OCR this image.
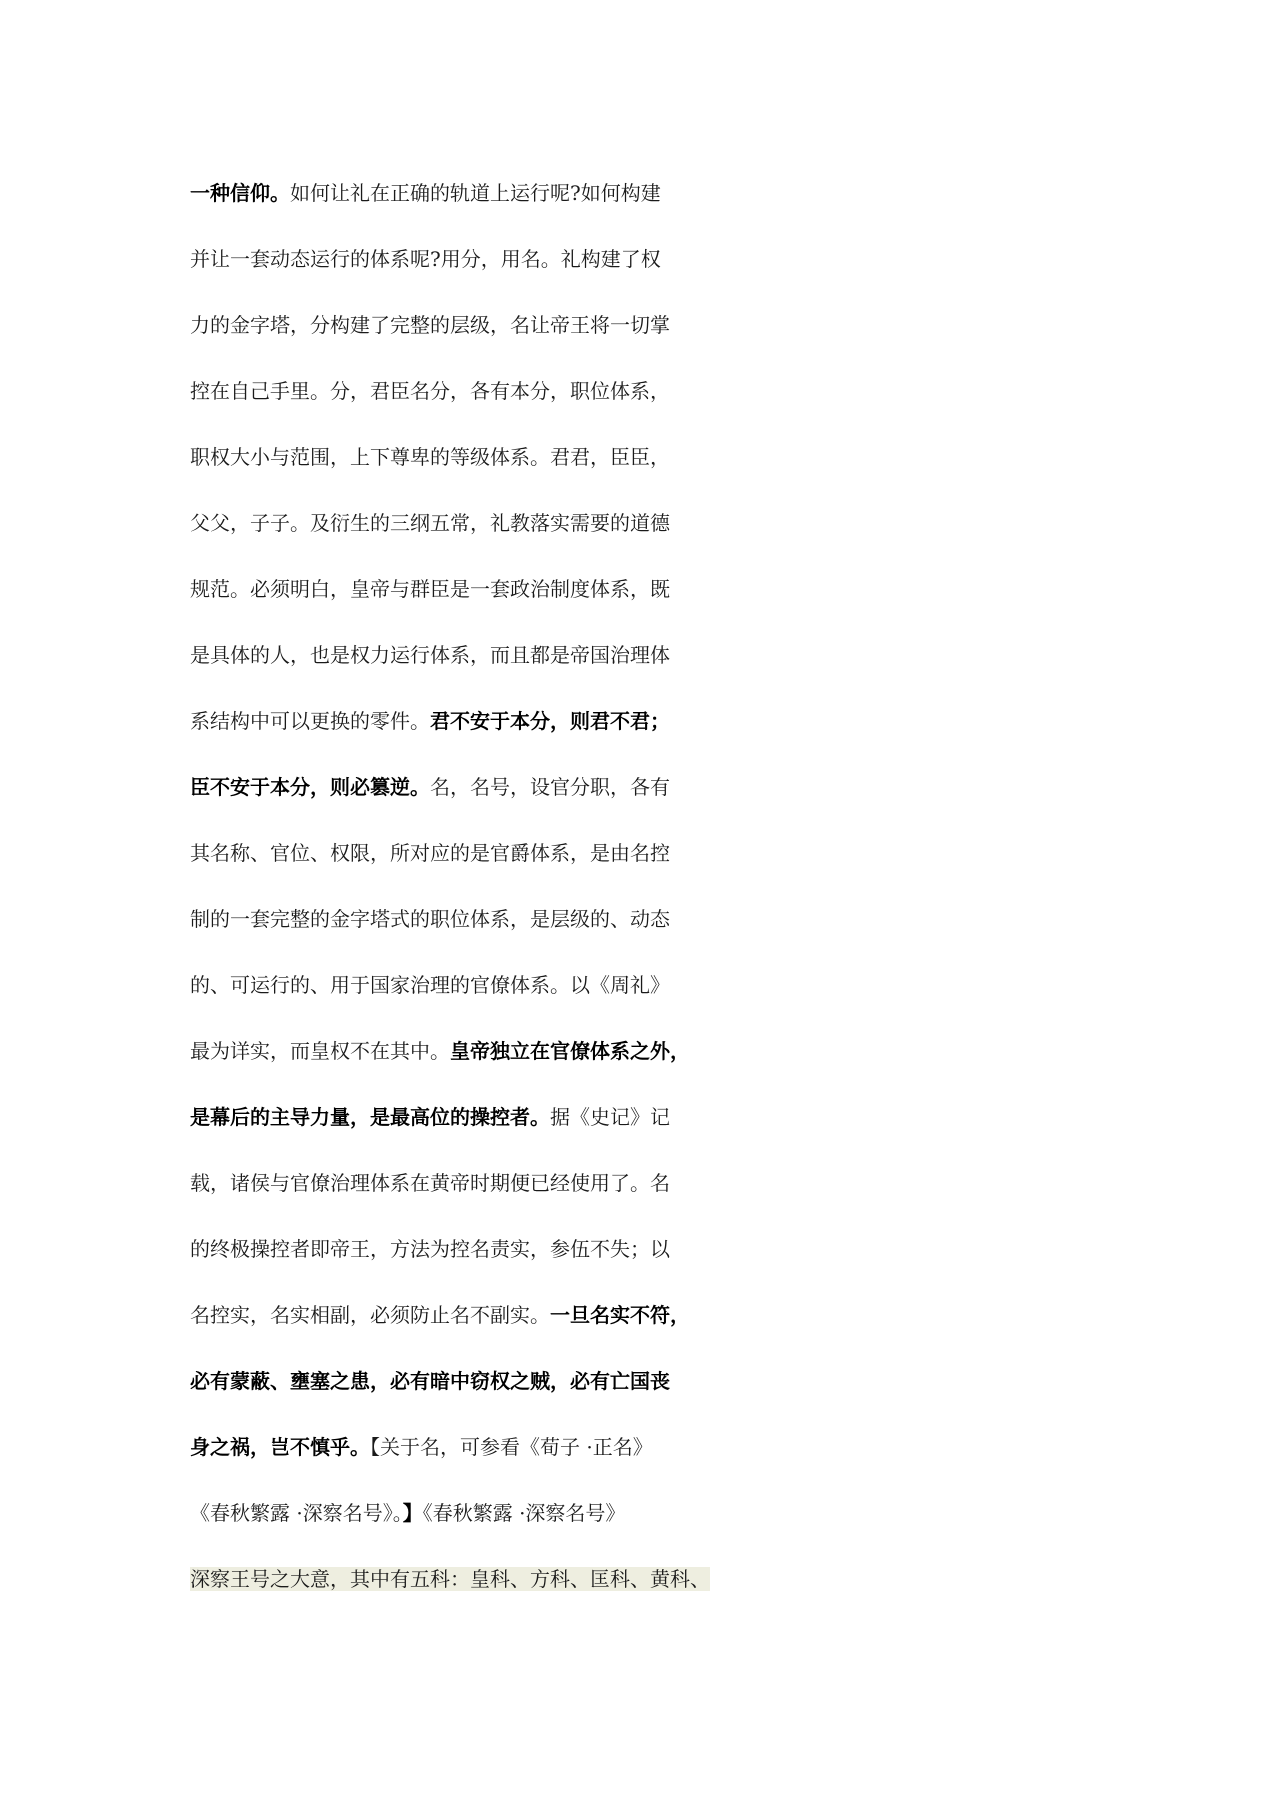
一种信仰。如何让礼在正确的轨道上运行呢?如何构建
并让一套动态运行的体系呢?用分，用名。礼构建了权
力的金字塔，分构建了完整的层级，名让帝王将一切掌
控在自己手里。分，君臣名分，各有本分，职位体系，
职权大小与范围，上下尊卑的等级体系。君君，臣臣，
父父，子子。及衍生的三纲五常，礼教落实需要的道德
规范。必须明白，皇帝与群臣是一套政治制度体系，既
是具体的人，也是权力运行体系，而且都是帝国治理体
系结构中可以更换的零件。君不安于本分，则君不君；
臣不安于本分，则必篡逆。名，名号，设官分职，各有
其名称、官位、权限，所对应的是官爵体系，是由名控
制的一套完整的金字塔式的职位体系，是层级的、动态
的、可运行的、用于国家治理的官僚体系。以《周礼》
最为详实，而皇权不在其中。皇帝独立在官僚体系之外，
是幕后的主导力量，是最高位的操控者。据《史记》记
载，诸侯与官僚治理体系在黄帝时期便已经使用了。名
的终极操控者即帝王，方法为控名责实，参伍不失；以
名控实，名实相副，必须防止名不副实。一旦名实不符，
必有蒙蔽、壅塞之患，必有暗中窃权之贼，必有亡国丧
身之祸，岂不慎乎。【关于名，可参看《荀子 ·正名》
《春秋繁露 ·深察名号》。】《春秋繁露 ·深察名号》
深察王号之大意，其中有五科：皇科、方科、匡科、黄科、
